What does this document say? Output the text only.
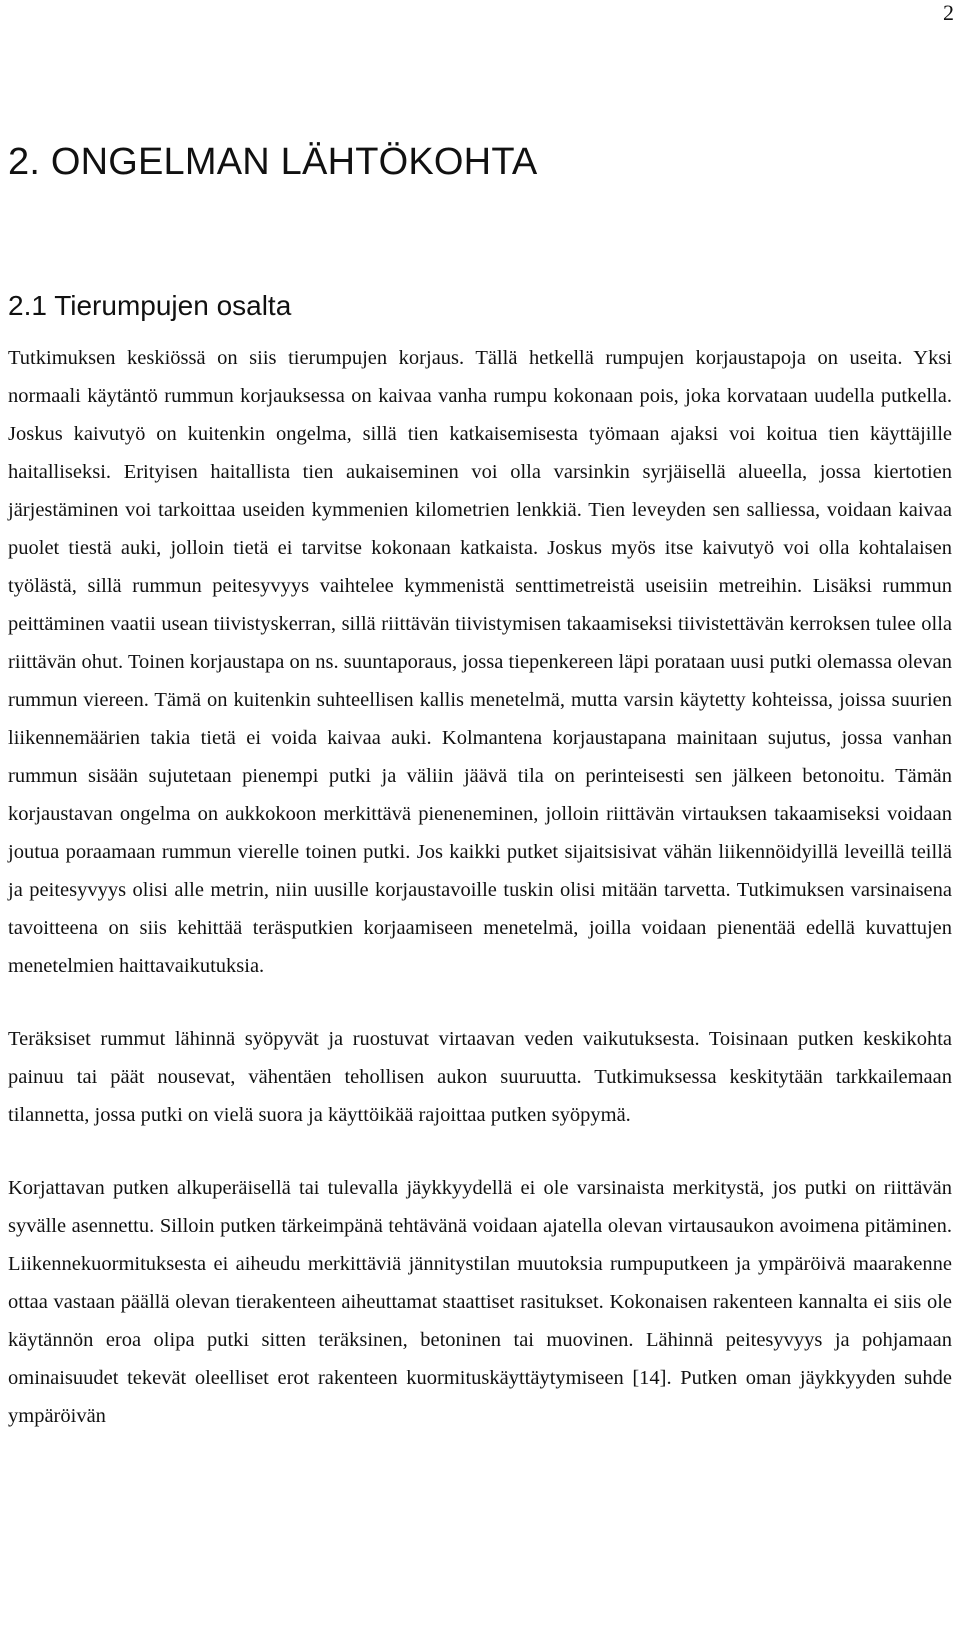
2
2. ONGELMAN LÄHTÖKOHTA
2.1 Tierumpujen osalta

Tutkimuksen keskiössä on siis tierumpujen korjaus. Tällä hetkellä rumpujen korjaustapoja on useita. Yksi normaali käytäntö rummun korjauksessa on kaivaa vanha rumpu kokonaan pois, joka korvataan uudella putkella. Joskus kaivutyö on kuitenkin ongelma, sillä tien katkaisemisesta työmaan ajaksi voi koitua tien käyttäjille haitalliseksi. Erityisen haitallista tien aukaiseminen voi olla varsinkin syrjäisellä alueella, jossa kiertotien järjestäminen voi tarkoittaa useiden kymmenien kilometrien lenkkiä. Tien leveyden sen salliessa, voidaan kaivaa puolet tiestä auki, jolloin tietä ei tarvitse kokonaan katkaista. Joskus myös itse kaivutyö voi olla kohtalaisen työlästä, sillä rummun peitesyvyys vaihtelee kymmenistä senttimetreistä useisiin metreihin. Lisäksi rummun peittäminen vaatii usean tiivistyskerran, sillä riittävän tiivistymisen takaamiseksi tiivistettävän kerroksen tulee olla riittävän ohut. Toinen korjaustapa on ns. suuntaporaus, jossa tiepenkereen läpi porataan uusi putki olemassa olevan rummun viereen. Tämä on kuitenkin suhteellisen kallis menetelmä, mutta varsin käytetty kohteissa, joissa suurien liikennemäärien takia tietä ei voida kaivaa auki. Kolmantena korjaustapana mainitaan sujutus, jossa vanhan rummun sisään sujutetaan pienempi putki ja väliin jäävä tila on perinteisesti sen jälkeen betonoitu. Tämän korjaustavan ongelma on aukkokoon merkittävä pieneneminen, jolloin riittävän virtauksen takaamiseksi voidaan joutua poraamaan rummun vierelle toinen putki. Jos kaikki putket sijaitsisivat vähän liikennöidyillä leveillä teillä ja peitesyvyys olisi alle metrin, niin uusille korjaustavoille tuskin olisi mitään tarvetta. Tutkimuksen varsinaisena tavoitteena on siis kehittää teräsputkien korjaamiseen menetelmä, joilla voidaan pienentää edellä kuvattujen menetelmien haittavaikutuksia.

Teräksiset rummut lähinnä syöpyvät ja ruostuvat virtaavan veden vaikutuksesta. Toisinaan putken keskikohta painuu tai päät nousevat, vähentäen tehollisen aukon suuruutta. Tutkimuksessa keskitytään tarkkailemaan tilannetta, jossa putki on vielä suora ja käyttöikää rajoittaa putken syöpymä.

Korjattavan putken alkuperäisellä tai tulevalla jäykkyydellä ei ole varsinaista merkitystä, jos putki on riittävän syvälle asennettu. Silloin putken tärkeimpänä tehtävänä voidaan ajatella olevan virtausaukon avoimena pitäminen. Liikennekuormituksesta ei aiheudu merkittäviä jännitystilan muutoksia rumpuputkeen ja ympäröivä maarakenne ottaa vastaan päällä olevan tierakenteen aiheuttamat staattiset rasitukset. Kokonaisen rakenteen kannalta ei siis ole käytännön eroa olipa putki sitten teräksinen, betoninen tai muovinen. Lähinnä peitesyvyys ja pohjamaan ominaisuudet tekevät oleelliset erot rakenteen kuormituskäyttäytymiseen [14]. Putken oman jäykkyyden suhde ympäröivän
